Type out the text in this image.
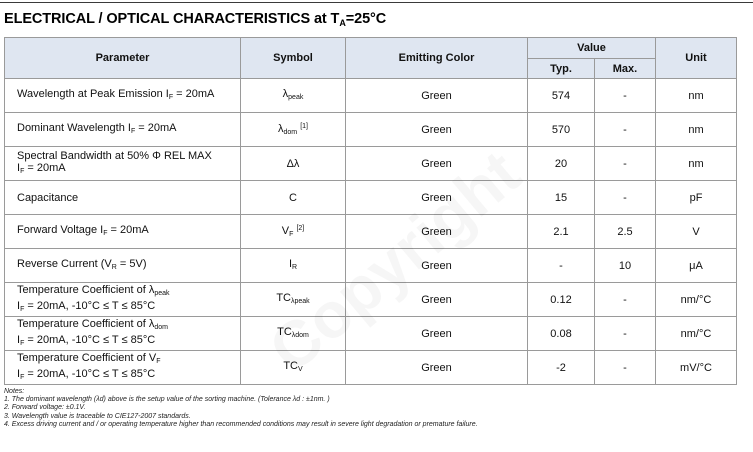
ELECTRICAL / OPTICAL CHARACTERISTICS at $T_A=25^\circ C$
Parameter	Symbol	Emitting Color	Value		Unit
			Typ.	Max.	
Wavelength at Peak Emission $I_F = 20mA$	$\lambda_{peak}$	Green	574	-	nm
Dominant Wavelength $I_F = 20mA$	$\lambda_{dom}$ [1]	Green	570	-	nm
Spectral Bandwidth at 50% Φ REL MAX
$I_F = 20mA$	Δλ	Green	20	-	nm
Capacitance	C	Green	15	-	pF
Forward Voltage $I_F = 20mA$	$V_F$ [2]	Green	2.1	2.5	V
Reverse Current $(V_R = 5V)$	$I_R$	Green	-	10	μA
Temperature Coefficient of $\lambda_{peak}$
$I_F = 20mA$, -10°C ≤ T ≤ 85°C	$TC_{\lambda peak}$	Green	0.12	-	nm/°C
Temperature Coefficient of $\lambda_{dom}$
$I_F = 20mA$, -10°C ≤ T ≤ 85°C	$TC_{\lambda dom}$	Green	0.08	-	nm/°C
Temperature Coefficient of $V_F$
$I_F = 20mA$, -10°C ≤ T ≤ 85°C	$TC_V$	Green	-2	-	mV/°C
Notes:
1. The dominant wavelength (λd) above is the setup value of the sorting machine. (Tolerance λd : ±1nm. )
2. Forward voltage: ±0.1V.
3. Wavelength value is traceable to CIE127-2007 standards.
4. Excess driving current and / or operating temperature higher than recommended conditions may result in severe light degradation or premature failure.
